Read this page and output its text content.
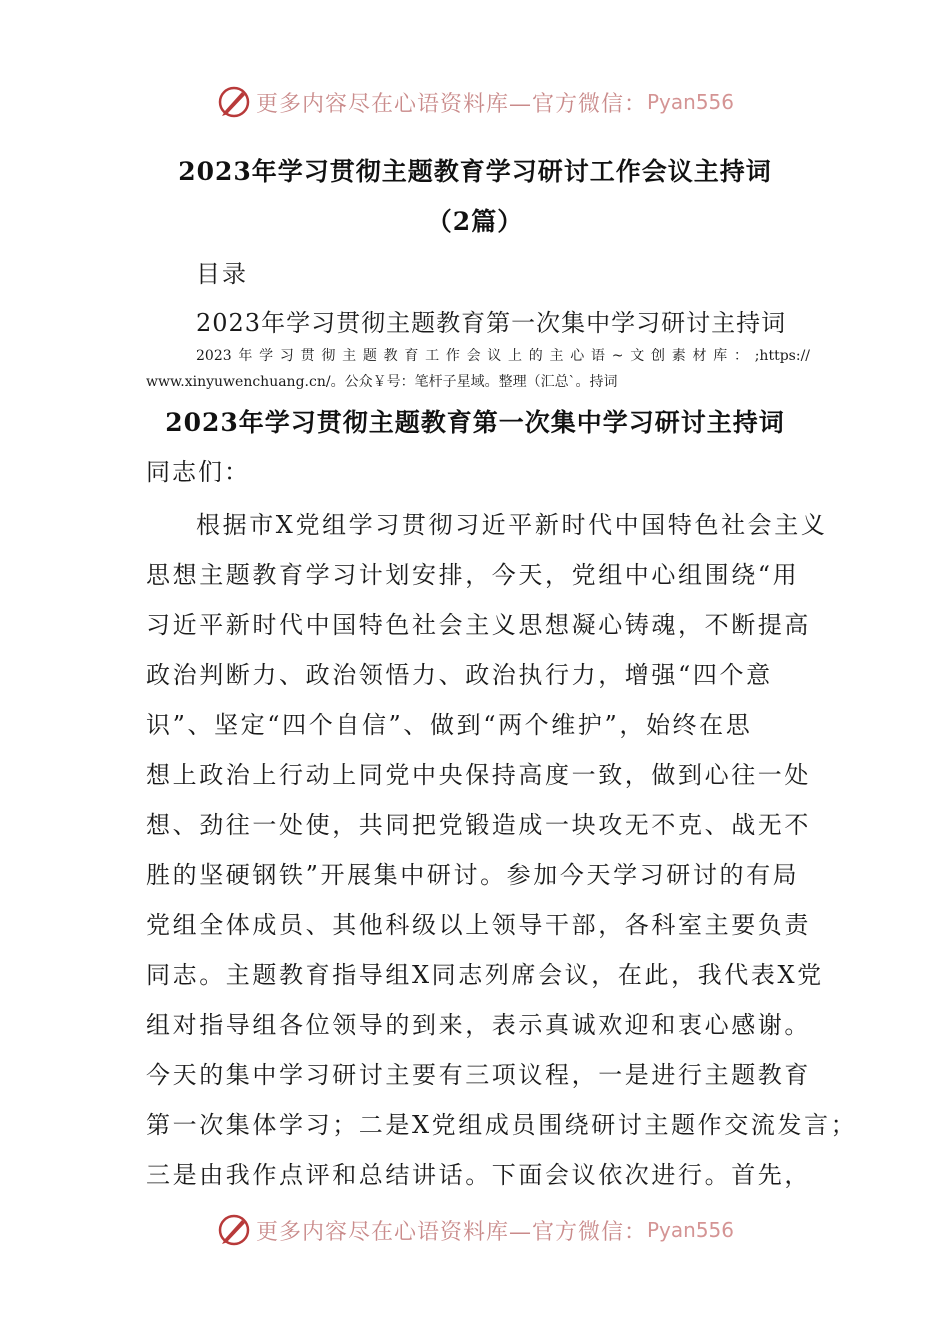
更多内容尽在心语资料库—官方微信： Pyan556
2023年学习贯彻主题教育学习研讨工作会议主持词
（2篇）
目录
2023年学习贯彻主题教育第一次集中学习研讨主持词
2023年学习贯彻主题教育工作会议上的主心语~文创素材库：;https://
www.xinyuwenchuang.cn/。公众￥号：笔杆子星域。整理（汇总`。持词
2023年学习贯彻主题教育第一次集中学习研讨主持词
同志们：
根据市X党组学习贯彻习近平新时代中国特色社会主义
思想主题教育学习计划安排，今天，党组中心组围绕“用
习近平新时代中国特色社会主义思想凝心铸魂，不断提高
政治判断力、政治领悟力、政治执行力，增强“四个意
识”、坚定“四个自信”、做到“两个维护”，始终在思
想上政治上行动上同党中央保持高度一致，做到心往一处
想、劲往一处使，共同把党锻造成一块攻无不克、战无不
胜的坚硬钢铁”开展集中研讨。参加今天学习研讨的有局
党组全体成员、其他科级以上领导干部，各科室主要负责
同志。主题教育指导组X同志列席会议，在此，我代表X党
组对指导组各位领导的到来，表示真诚欢迎和衷心感谢。
今天的集中学习研讨主要有三项议程，一是进行主题教育
第一次集体学习；二是X党组成员围绕研讨主题作交流发言；
三是由我作点评和总结讲话。下面会议依次进行。首先，
更多内容尽在心语资料库—官方微信： Pyan556
